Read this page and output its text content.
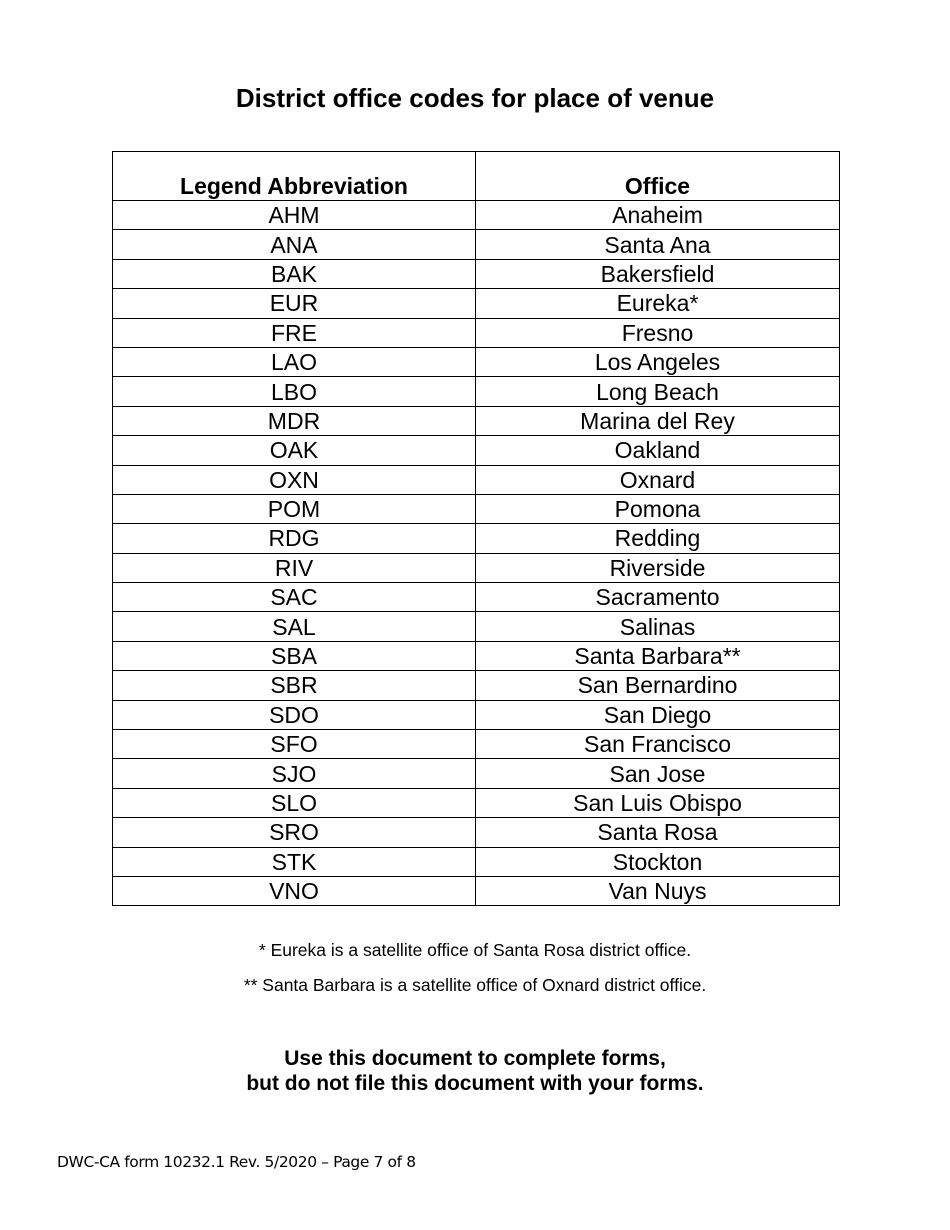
District office codes for place of venue
Legend Abbreviation	Office
AHM	Anaheim
ANA	Santa Ana
BAK	Bakersfield
EUR	Eureka*
FRE	Fresno
LAO	Los Angeles
LBO	Long Beach
MDR	Marina del Rey
OAK	Oakland
OXN	Oxnard
POM	Pomona
RDG	Redding
RIV	Riverside
SAC	Sacramento
SAL	Salinas
SBA	Santa Barbara**
SBR	San Bernardino
SDO	San Diego
SFO	San Francisco
SJO	San Jose
SLO	San Luis Obispo
SRO	Santa Rosa
STK	Stockton
VNO	Van Nuys
* Eureka is a satellite office of Santa Rosa district office.
** Santa Barbara is a satellite office of Oxnard district office.
Use this document to complete forms,
but do not file this document with your forms.
DWC-CA form 10232.1 Rev. 5/2020 – Page 7 of 8
